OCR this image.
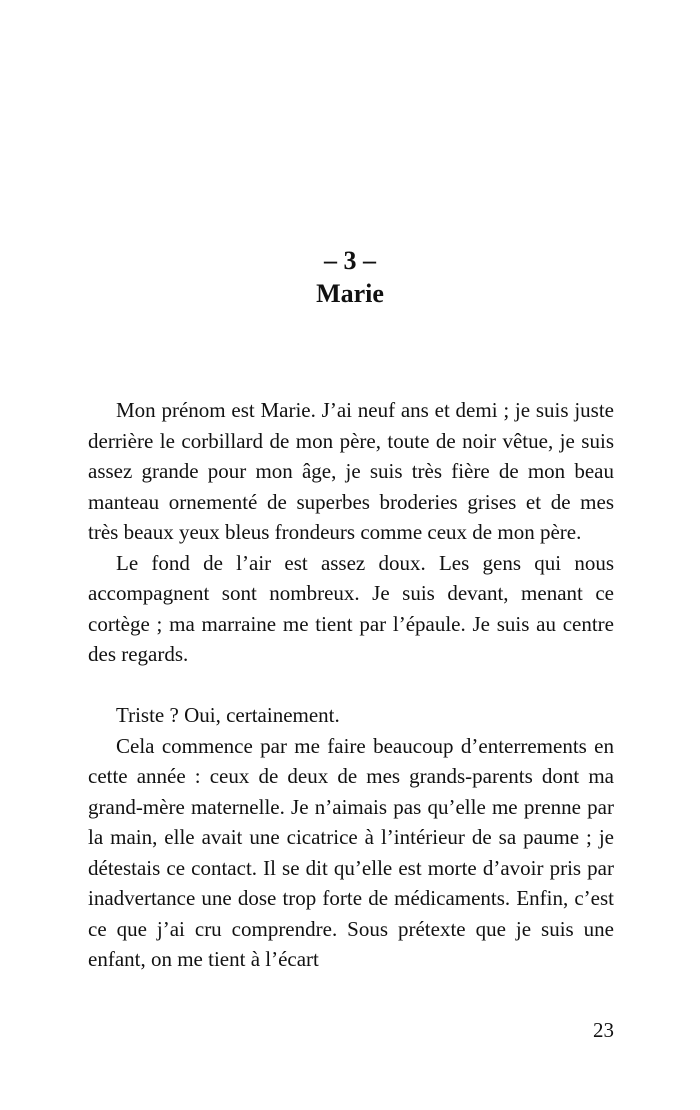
– 3 –
Marie

Mon prénom est Marie. J’ai neuf ans et demi ; je suis juste derrière le corbillard de mon père, toute de noir vêtue, je suis assez grande pour mon âge, je suis très fière de mon beau manteau ornementé de superbes broderies grises et de mes très beaux yeux bleus frondeurs comme ceux de mon père.

Le fond de l’air est assez doux. Les gens qui nous accompagnent sont nombreux. Je suis devant, menant ce cortège ; ma marraine me tient par l’épaule. Je suis au centre des regards.

Triste ? Oui, certainement.

Cela commence par me faire beaucoup d’enterrements en cette année : ceux de deux de mes grands-parents dont ma grand-mère maternelle. Je n’aimais pas qu’elle me prenne par la main, elle avait une cicatrice à l’intérieur de sa paume ; je détestais ce contact. Il se dit qu’elle est morte d’avoir pris par inadvertance une dose trop forte de médicaments. Enfin, c’est ce que j’ai cru comprendre. Sous prétexte que je suis une enfant, on me tient à l’écart

23
